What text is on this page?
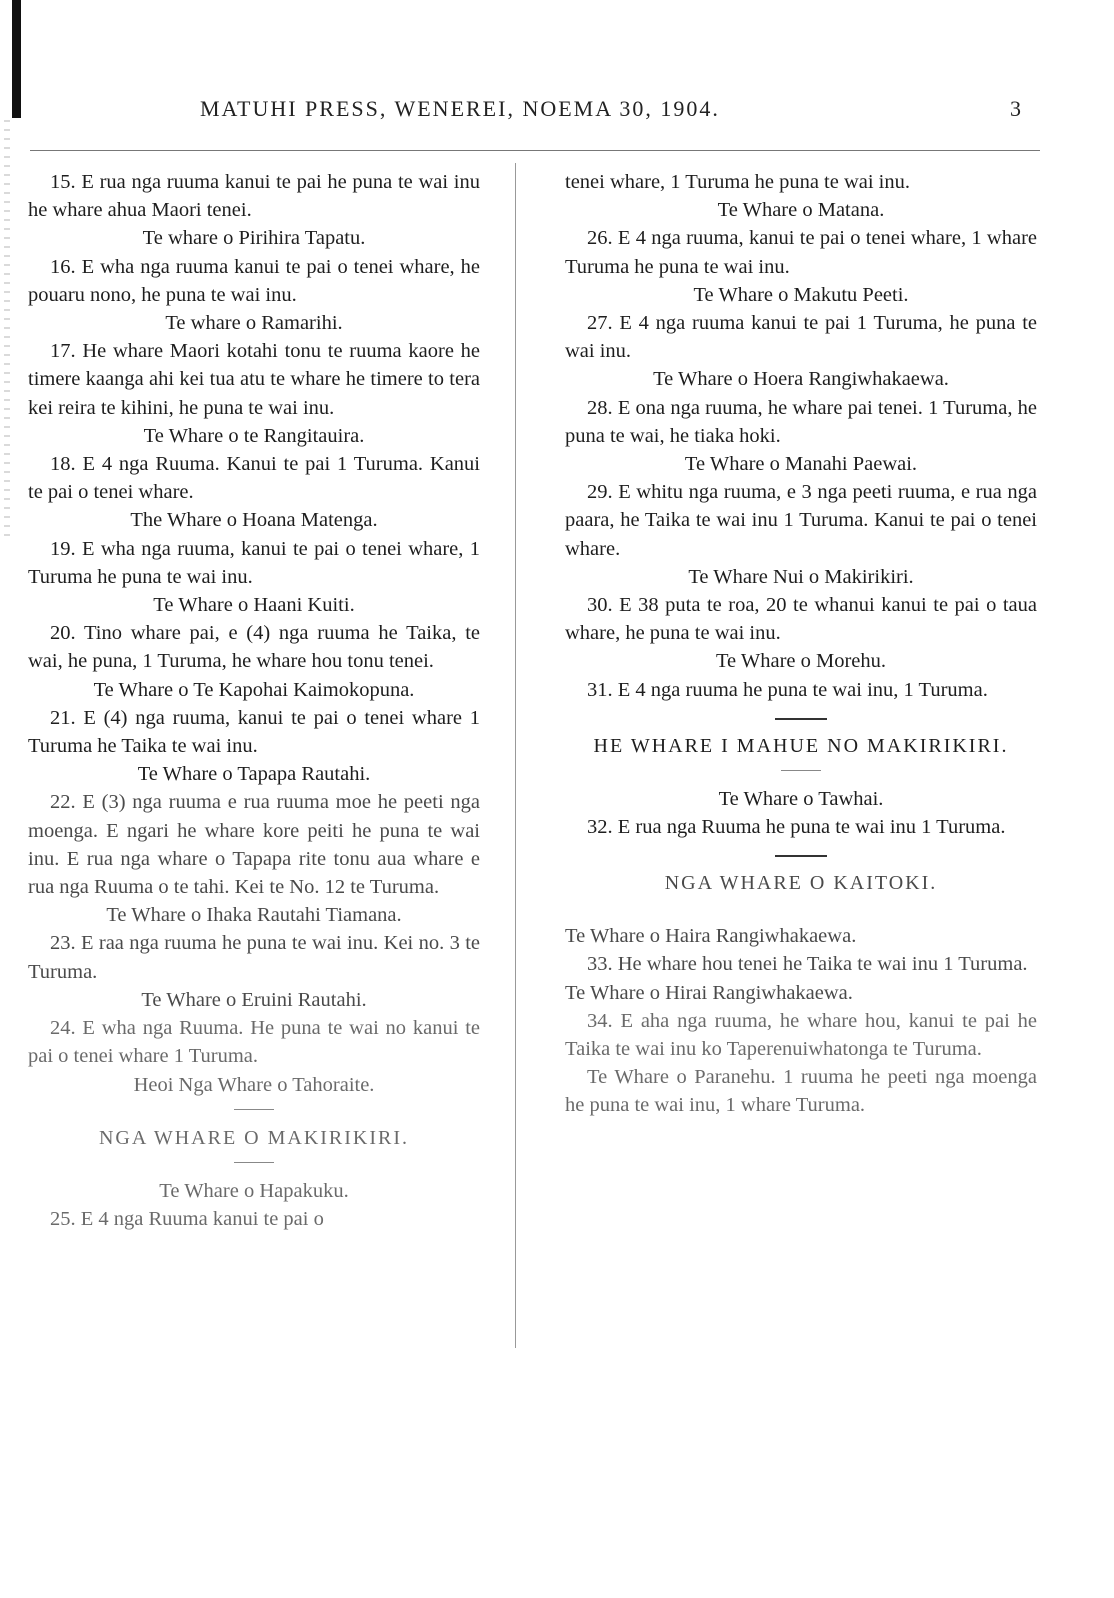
MATUHI PRESS, WENEREI, NOEMA 30, 1904.	3

15. E rua nga ruuma kanui te pai he puna te wai inu he whare ahua Maori tenei.

Te whare o Pirihira Tapatu.

16. E wha nga ruuma kanui te pai o tenei whare, he pouaru nono, he puna te wai inu.

Te whare o Ramarihi.

17. He whare Maori kotahi tonu te ruuma kaore he timere kaanga ahi kei tua atu te whare he timere to tera kei reira te kihini, he puna te wai inu.

Te Whare o te Rangitauira.

18. E 4 nga Ruuma. Kanui te pai 1 Turuma. Kanui te pai o tenei whare.

The Whare o Hoana Matenga.

19. E wha nga ruuma, kanui te pai o tenei whare, 1 Turuma he puna te wai inu.

Te Whare o Haani Kuiti.

20. Tino whare pai, e (4) nga ruuma he Taika, te wai, he puna, 1 Turuma, he whare hou tonu tenei.

Te Whare o Te Kapohai Kaimokopuna.

21. E (4) nga ruuma, kanui te pai o tenei whare 1 Turuma he Taika te wai inu.

Te Whare o Tapapa Rautahi.

22. E (3) nga ruuma e rua ruuma moe he peeti nga moenga. E ngari he whare kore peiti he puna te wai inu. E rua nga whare o Tapapa rite tonu aua whare e rua nga Ruuma o te tahi. Kei te No. 12 te Turuma.

Te Whare o Ihaka Rautahi Tiamana.

23. E raa nga ruuma he puna te wai inu. Kei no. 3 te Turuma.

Te Whare o Eruini Rautahi.

24. E wha nga Ruuma. He puna te wai no kanui te pai o tenei whare 1 Turuma.

Heoi Nga Whare o Tahoraite.

NGA WHARE O MAKIRIKIRI.

Te Whare o Hapakuku.

25. E 4 nga Ruuma kanui te pai o

tenei whare, 1 Turuma he puna te wai inu.

Te Whare o Matana.

26. E 4 nga ruuma, kanui te pai o tenei whare, 1 whare Turuma he puna te wai inu.

Te Whare o Makutu Peeti.

27. E 4 nga ruuma kanui te pai 1 Turuma, he puna te wai inu.

Te Whare o Hoera Rangiwhakaewa.

28. E ona nga ruuma, he whare pai tenei. 1 Turuma, he puna te wai, he tiaka hoki.

Te Whare o Manahi Paewai.

29. E whitu nga ruuma, e 3 nga peeti ruuma, e rua nga paara, he Taika te wai inu 1 Turuma. Kanui te pai o tenei whare.

Te Whare Nui o Makirikiri.

30. E 38 puta te roa, 20 te whanui kanui te pai o taua whare, he puna te wai inu.

Te Whare o Morehu.

31. E 4 nga ruuma he puna te wai inu, 1 Turuma.

HE WHARE I MAHUE NO MAKIRIKIRI.

Te Whare o Tawhai.

32. E rua nga Ruuma he puna te wai inu 1 Turuma.

NGA WHARE O KAITOKI.

Te Whare o Haira Rangiwhakaewa.

33. He whare hou tenei he Taika te wai inu 1 Turuma.

Te Whare o Hirai Rangiwhakaewa.

34. E aha nga ruuma, he whare hou, kanui te pai he Taika te wai inu ko Taperenuiwhatonga te Turuma.

Te Whare o Paranehu. 1 ruuma he peeti nga moenga he puna te wai inu, 1 whare Turuma.
